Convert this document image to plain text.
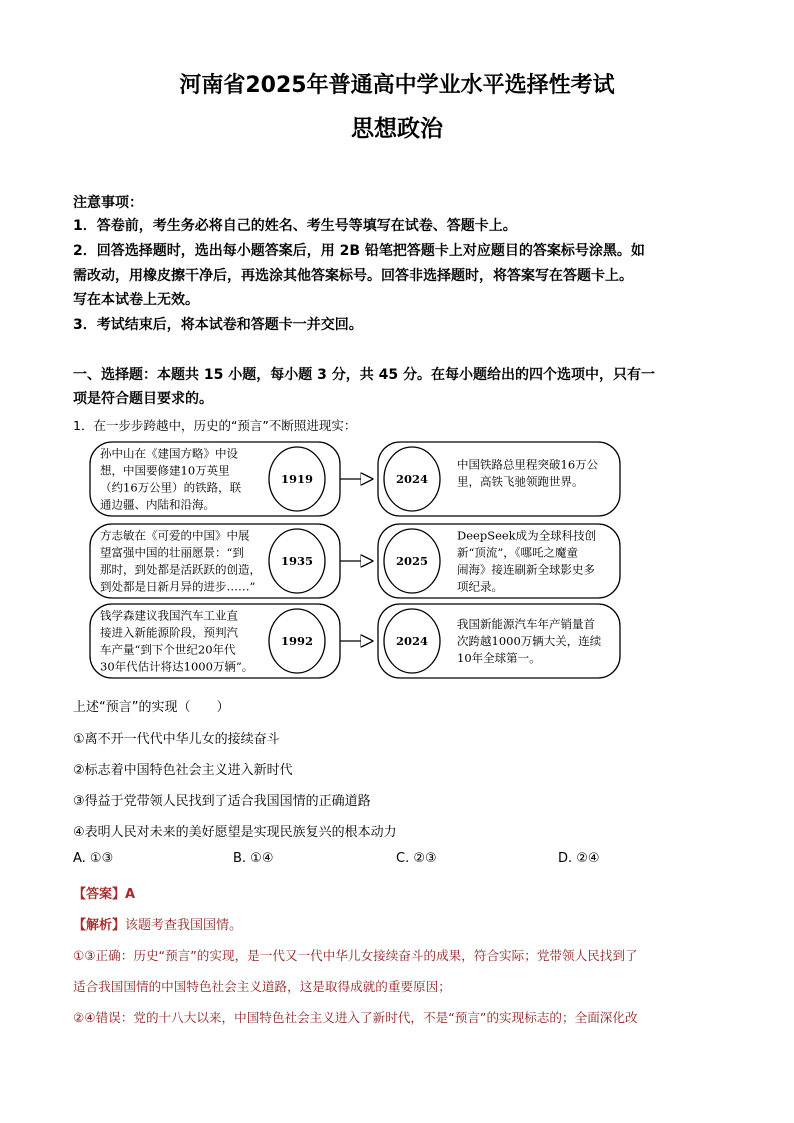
河南省2025年普通高中学业水平选择性考试
思想政治
注意事项：
1．答卷前，考生务必将自己的姓名、考生号等填写在试卷、答题卡上。
2．回答选择题时，选出每小题答案后，用 2B 铅笔把答题卡上对应题目的答案标号涂黑。如
需改动，用橡皮擦干净后，再选涂其他答案标号。回答非选择题时，将答案写在答题卡上。
写在本试卷上无效。
3．考试结束后，将本试卷和答题卡一并交回。
一、选择题：本题共 15 小题，每小题 3 分，共 45 分。在每小题给出的四个选项中，只有一
项是符合题目要求的。
1．在一步步跨越中，历史的“预言”不断照进现实：
1919	2024
孙中山在《建国方略》中设
想，中国要修建10万英里
（约16万公里）的铁路，联
通边疆、内陆和沿海。
中国铁路总里程突破16万公
里，高铁飞驰领跑世界。
1935	2025
方志敏在《可爱的中国》中展
望富强中国的壮丽愿景：“到
那时，到处都是活跃跃的创造，
到处都是日新月异的进步……”
DeepSeek成为全球科技创
新“顶流”，《哪吒之魔童
闹海》接连刷新全球影史多
项纪录。
1992	2024
钱学森建议我国汽车工业直
接进入新能源阶段，预判汽
车产量“到下个世纪20年代
30年代估计将达1000万辆”。
我国新能源汽车年产销量首
次跨越1000万辆大关，连续
10年全球第一。
上述“预言”的实现（　　）
①离不开一代代中华儿女的接续奋斗
②标志着中国特色社会主义进入新时代
③得益于党带领人民找到了适合我国国情的正确道路
④表明人民对未来的美好愿望是实现民族复兴的根本动力
A. ①③	B. ①④	C. ②③	D. ②④
【答案】A
【解析】该题考查我国国情。
①③正确：历史“预言”的实现，是一代又一代中华儿女接续奋斗的成果，符合实际；党带领人民找到了
适合我国国情的中国特色社会主义道路，这是取得成就的重要原因；
②④错误：党的十八大以来，中国特色社会主义进入了新时代，不是“预言”的实现标志的；全面深化改
